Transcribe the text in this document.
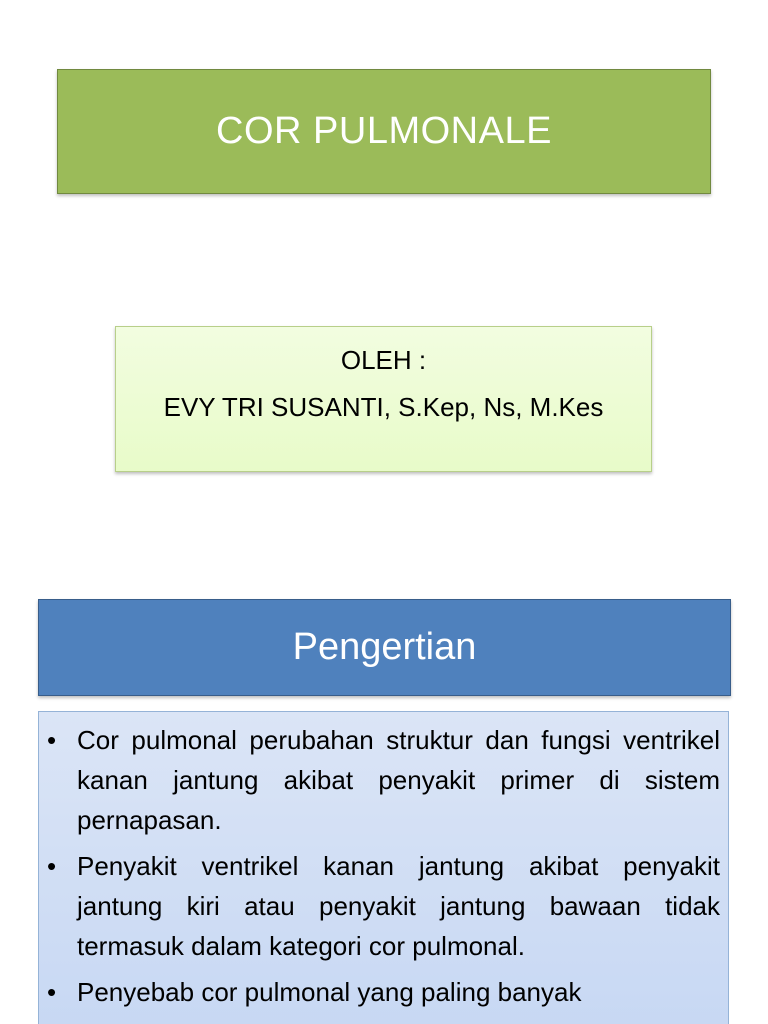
COR PULMONALE
OLEH :
EVY TRI SUSANTI, S.Kep, Ns, M.Kes
Pengertian
• Cor pulmonal perubahan struktur dan fungsi ventrikel kanan jantung akibat penyakit primer di sistem pernapasan.
• Penyakit ventrikel kanan jantung akibat penyakit jantung kiri atau penyakit jantung bawaan tidak termasuk dalam kategori cor pulmonal.
• Penyebab cor pulmonal yang paling banyak
